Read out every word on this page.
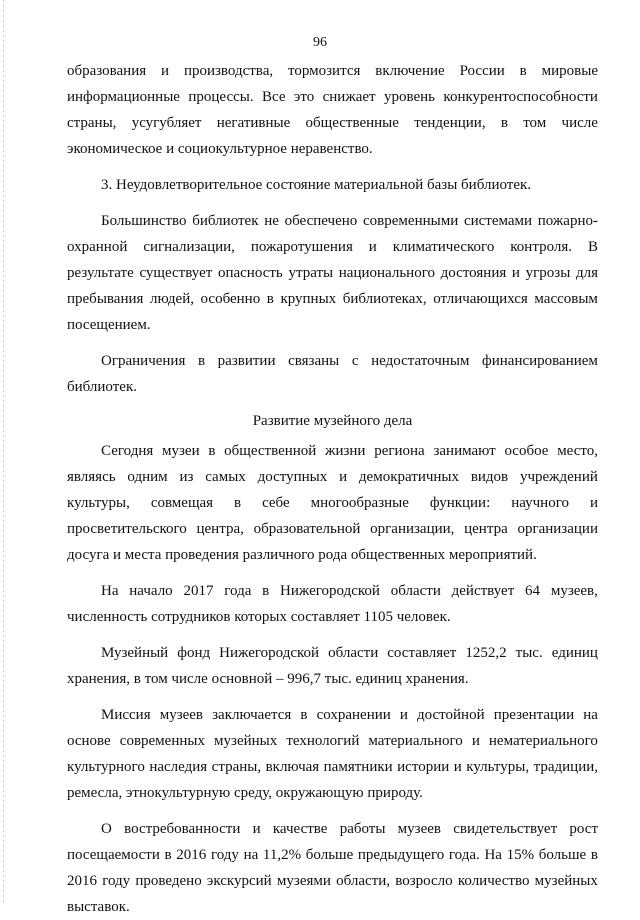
96
образования и производства, тормозится включение России в мировые
информационные процессы. Все это снижает уровень конкурентоспособности
страны, усугубляет негативные общественные тенденции, в том числе
экономическое и социокультурное неравенство.
3. Неудовлетворительное состояние материальной базы библиотек.
Большинство библиотек не обеспечено современными системами пожарно-
охранной сигнализации, пожаротушения и климатического контроля. В
результате существует опасность утраты национального достояния и угрозы для
пребывания людей, особенно в крупных библиотеках, отличающихся массовым
посещением.
Ограничения в развитии связаны с недостаточным финансированием
библиотек.
Развитие музейного дела
Сегодня музеи в общественной жизни региона занимают особое место,
являясь одним из самых доступных и демократичных видов учреждений
культуры, совмещая в себе многообразные функции: научного и
просветительского центра, образовательной организации, центра организации
досуга и места проведения различного рода общественных мероприятий.
На начало 2017 года в Нижегородской области действует 64 музеев,
численность сотрудников которых составляет 1105 человек.
Музейный фонд Нижегородской области составляет 1252,2 тыс. единиц
хранения, в том числе основной – 996,7 тыс. единиц хранения.
Миссия музеев заключается в сохранении и достойной презентации на
основе современных музейных технологий материального и нематериального
культурного наследия страны, включая памятники истории и культуры, традиции,
ремесла, этнокультурную среду, окружающую природу.
О востребованности и качестве работы музеев свидетельствует рост
посещаемости в 2016 году на 11,2% больше предыдущего года. На 15% больше в
2016 году проведено экскурсий музеями области, возросло количество музейных
выставок.
